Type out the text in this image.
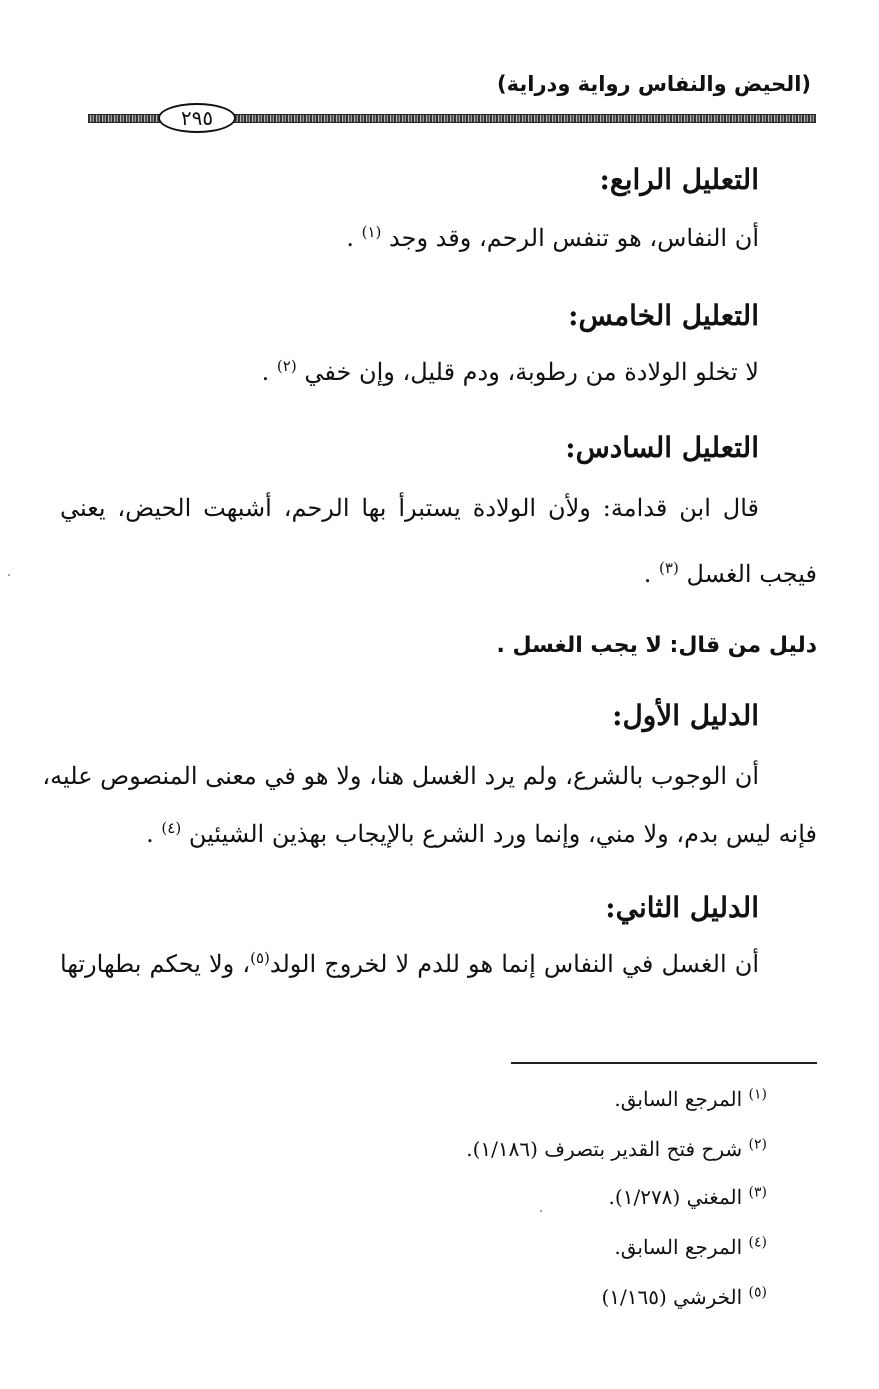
(الحيض والنفاس رواية ودراية)
٢٩٥
التعليل الرابع:
أن النفاس، هو تنفس الرحم، وقد وجد $^{(١)}$ .
التعليل الخامس:
لا تخلو الولادة من رطوبة، ودم قليل، وإن خفي $^{(٢)}$ .
التعليل السادس:
قال ابن قدامة: ولأن الولادة يستبرأ بها الرحم، أشبهت الحيض، يعني
فيجب الغسل $^{(٣)}$ .
دليل من قال: لا يجب الغسل .
الدليل الأول:
أن الوجوب بالشرع، ولم يرد الغسل هنا، ولا هو في معنى المنصوص عليه،
فإنه ليس بدم، ولا مني، وإنما ورد الشرع بالإيجاب بهذين الشيئين $^{(٤)}$ .
الدليل الثاني:
أن الغسل في النفاس إنما هو للدم لا لخروج الولد$^{(٥)}$، ولا يحكم بطهارتها
$^{(١)}$ المرجع السابق.
$^{(٢)}$ شرح فتح القدير بتصرف (١/١٨٦).
$^{(٣)}$ المغني (١/٢٧٨).
$^{(٤)}$ المرجع السابق.
$^{(٥)}$ الخرشي (١/١٦٥)
